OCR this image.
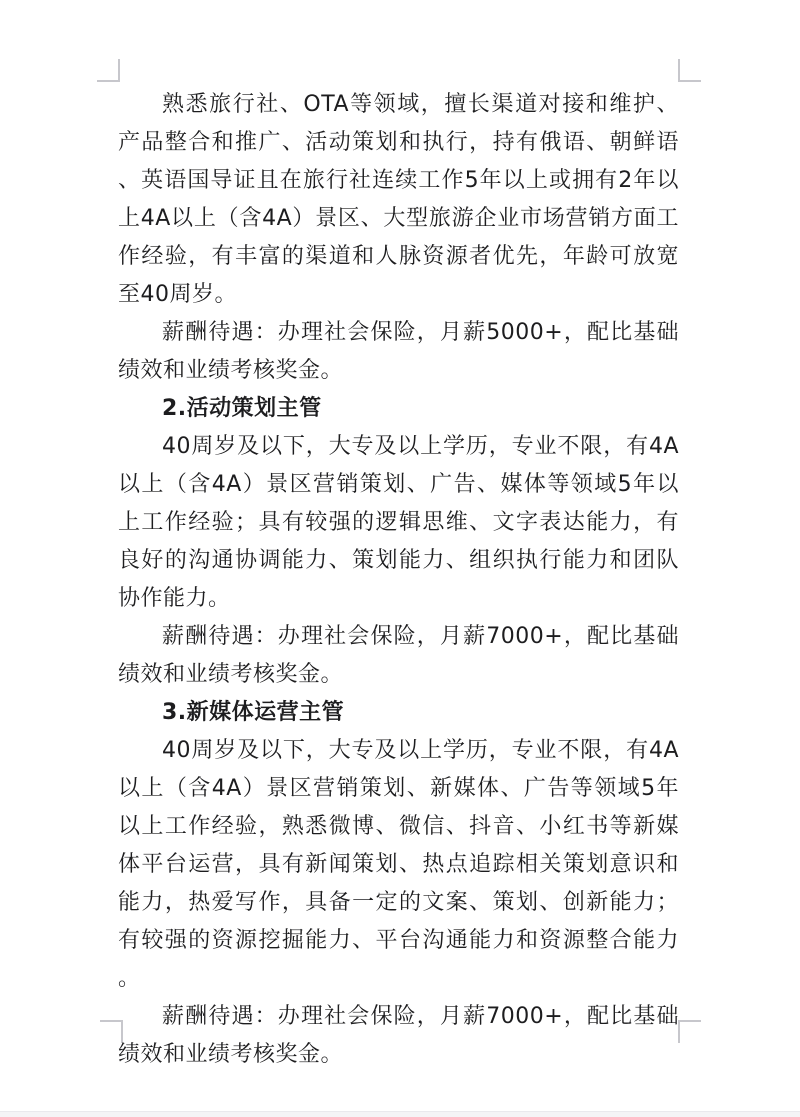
熟悉旅行社、OTA等领域，擅长渠道对接和维护、产品整合和推广、活动策划和执行，持有俄语、朝鲜语、英语国导证且在旅行社连续工作5年以上或拥有2年以上4A以上（含4A）景区、大型旅游企业市场营销方面工作经验，有丰富的渠道和人脉资源者优先，年龄可放宽至40周岁。

薪酬待遇：办理社会保险，月薪5000+，配比基础绩效和业绩考核奖金。

2.活动策划主管

40周岁及以下，大专及以上学历，专业不限，有4A以上（含4A）景区营销策划、广告、媒体等领域5年以上工作经验；具有较强的逻辑思维、文字表达能力，有良好的沟通协调能力、策划能力、组织执行能力和团队协作能力。

薪酬待遇：办理社会保险，月薪7000+，配比基础绩效和业绩考核奖金。

3.新媒体运营主管

40周岁及以下，大专及以上学历，专业不限，有4A以上（含4A）景区营销策划、新媒体、广告等领域5年以上工作经验，熟悉微博、微信、抖音、小红书等新媒体平台运营，具有新闻策划、热点追踪相关策划意识和能力，热爱写作，具备一定的文案、策划、创新能力；有较强的资源挖掘能力、平台沟通能力和资源整合能力。

薪酬待遇：办理社会保险，月薪7000+，配比基础绩效和业绩考核奖金。
